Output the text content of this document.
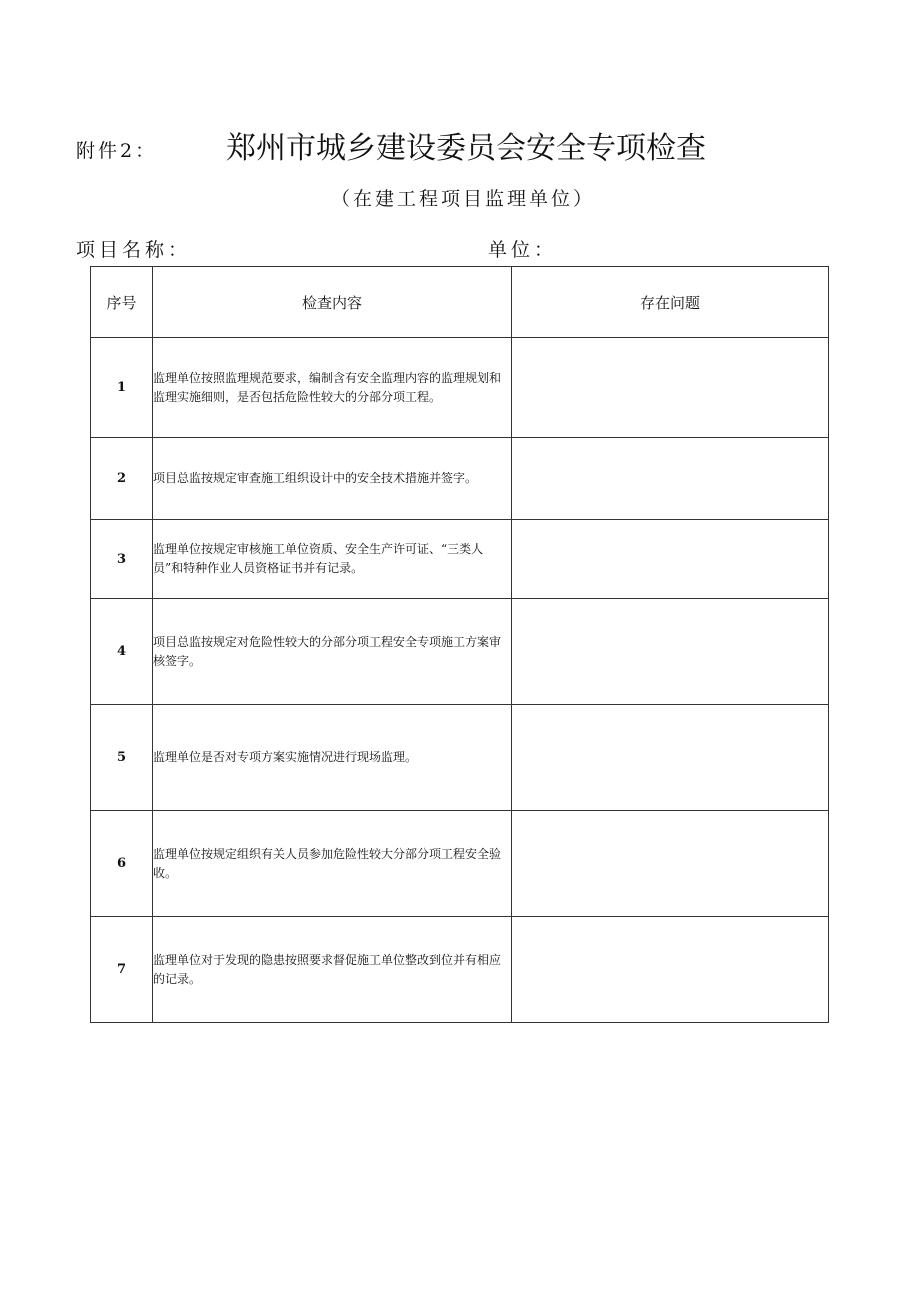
附件2： 郑州市城乡建设委员会安全专项检查
（在建工程项目监理单位）
项目名称：	单位：
序号	检查内容	存在问题
1	监理单位按照监理规范要求，编制含有安全监理内容的监理规划和监理实施细则，是否包括危险性较大的分部分项工程。	
2	项目总监按规定审查施工组织设计中的安全技术措施并签字。	
3	监理单位按规定审核施工单位资质、安全生产许可证、“三类人员”和特种作业人员资格证书并有记录。	
4	项目总监按规定对危险性较大的分部分项工程安全专项施工方案审核签字。	
5	监理单位是否对专项方案实施情况进行现场监理。	
6	监理单位按规定组织有关人员参加危险性较大分部分项工程安全验收。	
7	监理单位对于发现的隐患按照要求督促施工单位整改到位并有相应的记录。	
